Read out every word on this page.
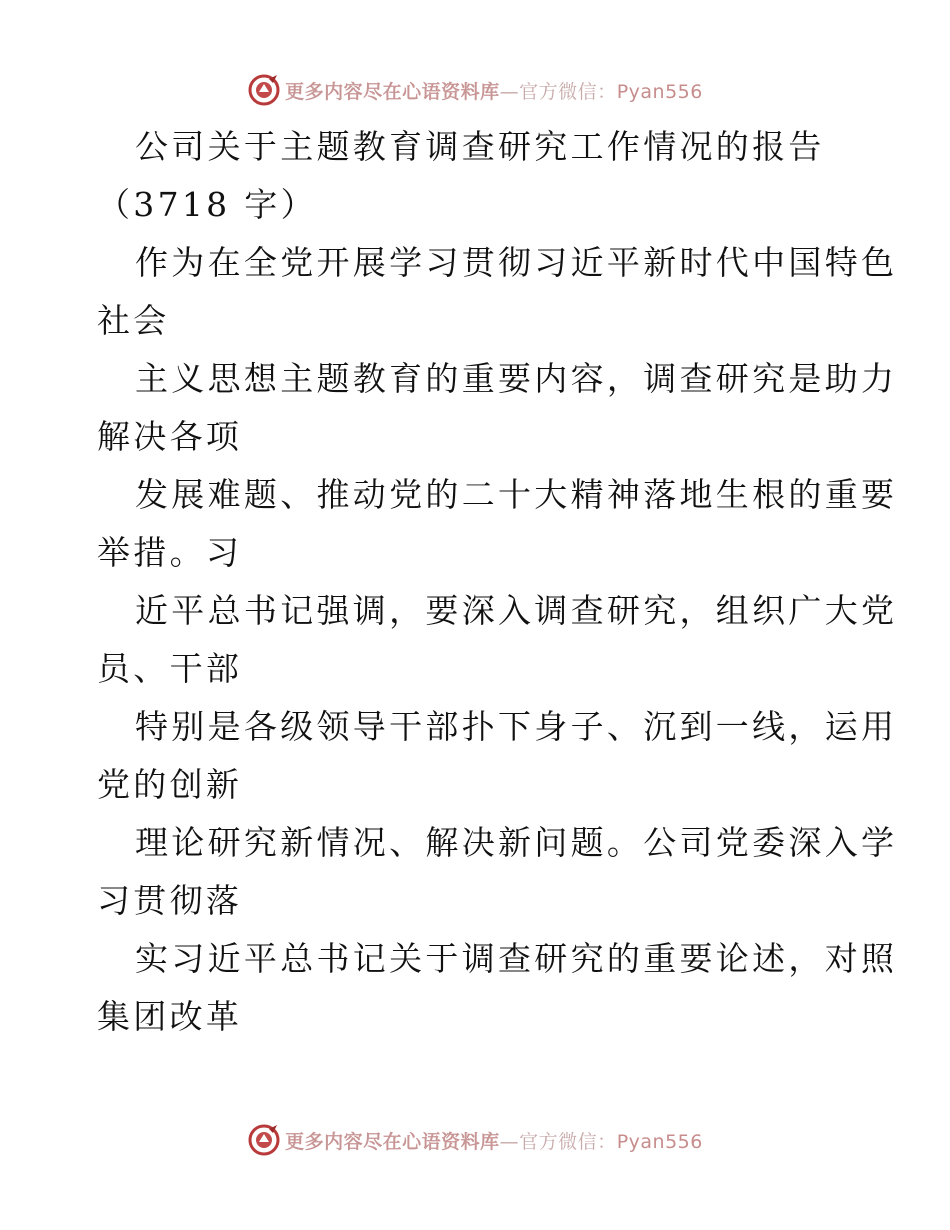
更多内容尽在心语资料库—官方微信：Pyan556
公司关于主题教育调查研究工作情况的报告
（3718 字）
作为在全党开展学习贯彻习近平新时代中国特色
社会
主义思想主题教育的重要内容，调查研究是助力
解决各项
发展难题、推动党的二十大精神落地生根的重要
举措。习
近平总书记强调，要深入调查研究，组织广大党
员、干部
特别是各级领导干部扑下身子、沉到一线，运用
党的创新
理论研究新情况、解决新问题。公司党委深入学
习贯彻落
实习近平总书记关于调查研究的重要论述，对照
集团改革
更多内容尽在心语资料库—官方微信：Pyan556
